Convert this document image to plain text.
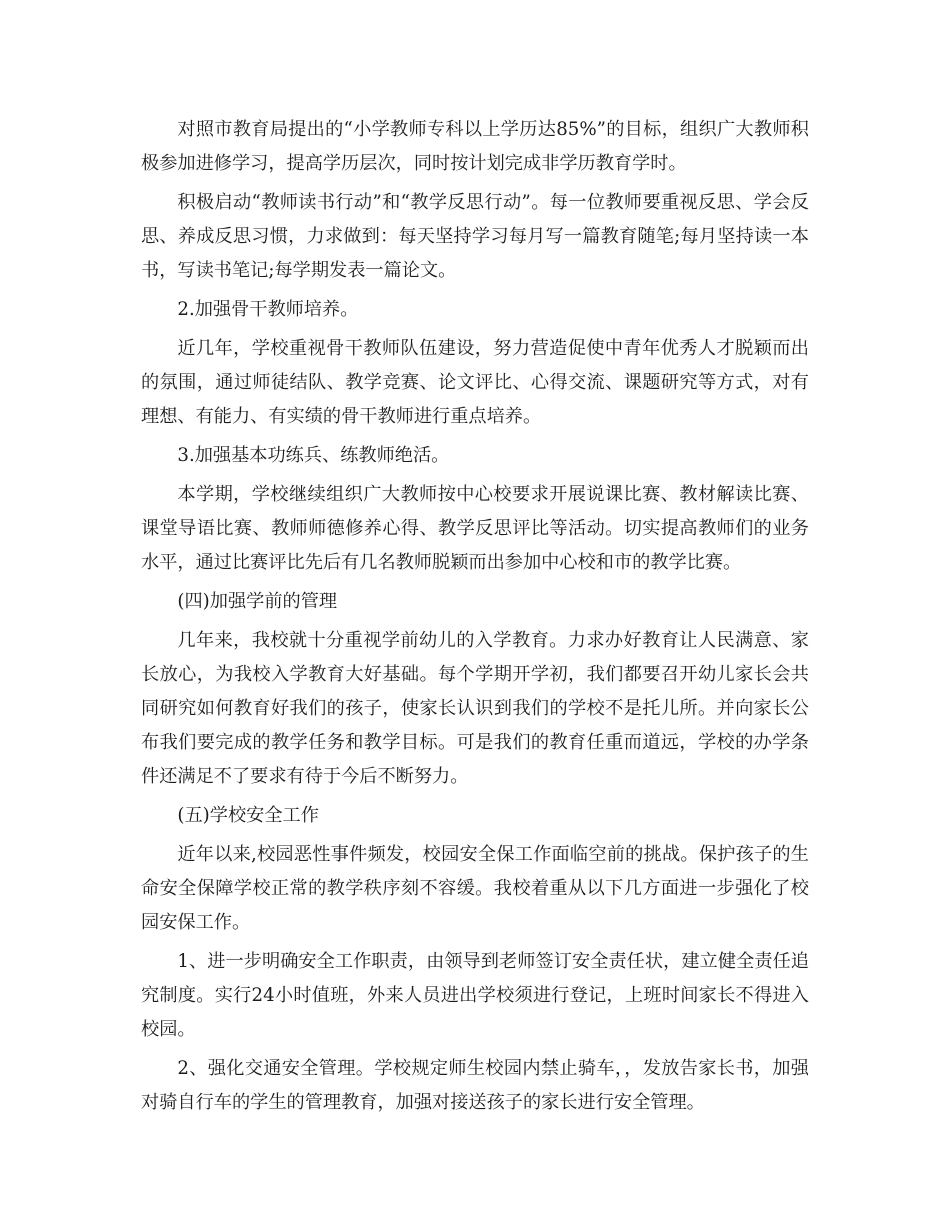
对照市教育局提出的“小学教师专科以上学历达85%”的目标，组织广大教师积极参加进修学习，提高学历层次，同时按计划完成非学历教育学时。

积极启动“教师读书行动”和“教学反思行动”。每一位教师要重视反思、学会反思、养成反思习惯，力求做到：每天坚持学习每月写一篇教育随笔;每月坚持读一本书，写读书笔记;每学期发表一篇论文。

2.加强骨干教师培养。

近几年，学校重视骨干教师队伍建设，努力营造促使中青年优秀人才脱颖而出的氛围，通过师徒结队、教学竞赛、论文评比、心得交流、课题研究等方式，对有理想、有能力、有实绩的骨干教师进行重点培养。

3.加强基本功练兵、练教师绝活。

本学期，学校继续组织广大教师按中心校要求开展说课比赛、教材解读比赛、课堂导语比赛、教师师德修养心得、教学反思评比等活动。切实提高教师们的业务水平，通过比赛评比先后有几名教师脱颖而出参加中心校和市的教学比赛。

(四)加强学前的管理

几年来，我校就十分重视学前幼儿的入学教育。力求办好教育让人民满意、家长放心，为我校入学教育大好基础。每个学期开学初，我们都要召开幼儿家长会共同研究如何教育好我们的孩子，使家长认识到我们的学校不是托儿所。并向家长公布我们要完成的教学任务和教学目标。可是我们的教育任重而道远，学校的办学条件还满足不了要求有待于今后不断努力。

(五)学校安全工作

近年以来,校园恶性事件频发，校园安全保工作面临空前的挑战。保护孩子的生命安全保障学校正常的教学秩序刻不容缓。我校着重从以下几方面进一步强化了校园安保工作。

1、进一步明确安全工作职责，由领导到老师签订安全责任状，建立健全责任追究制度。实行24小时值班，外来人员进出学校须进行登记，上班时间家长不得进入校园。

2、强化交通安全管理。学校规定师生校园内禁止骑车，，发放告家长书，加强对骑自行车的学生的管理教育，加强对接送孩子的家长进行安全管理。
